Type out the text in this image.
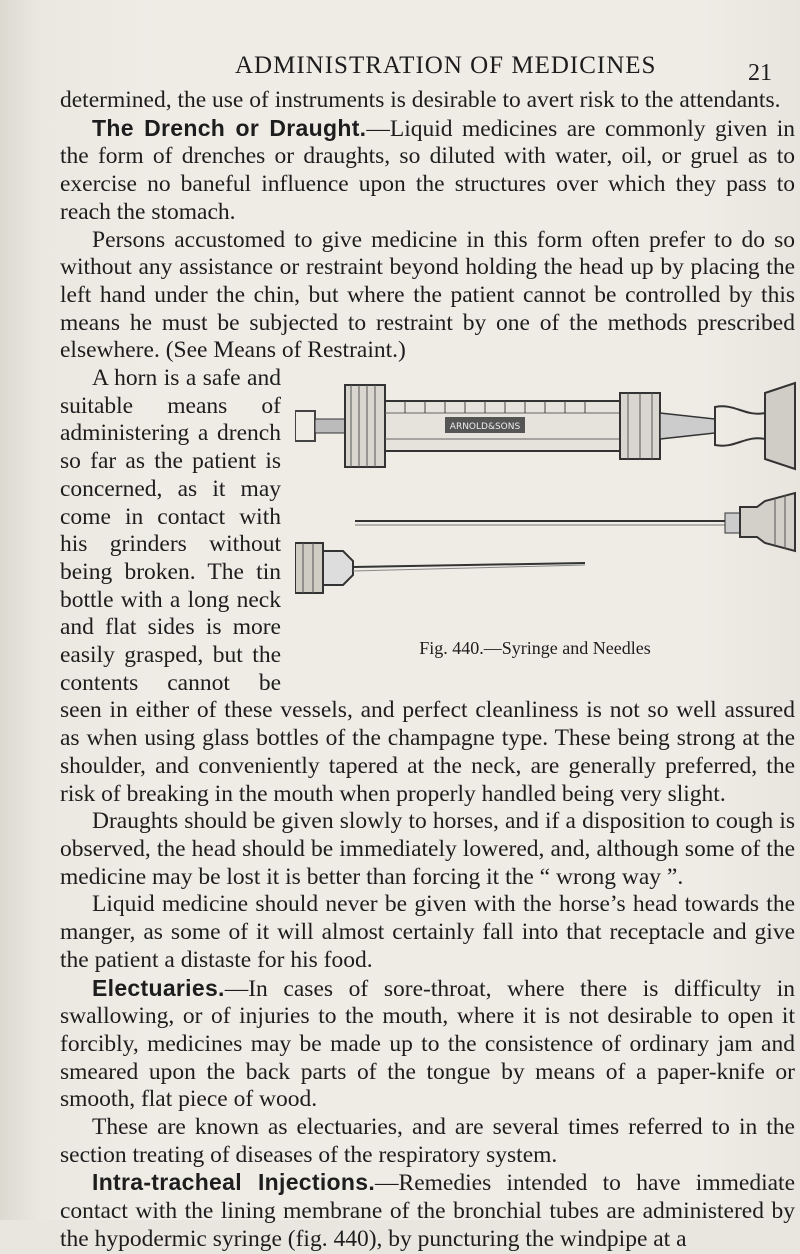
ADMINISTRATION OF MEDICINES	21

determined, the use of instruments is desirable to avert risk to the attendants.

The Drench or Draught.—Liquid medicines are commonly given in the form of drenches or draughts, so diluted with water, oil, or gruel as to exercise no baneful influence upon the structures over which they pass to reach the stomach.

Persons accustomed to give medicine in this form often prefer to do so without any assistance or restraint beyond holding the head up by placing the left hand under the chin, but where the patient cannot be controlled by this means he must be subjected to restraint by one of the methods prescribed elsewhere. (See Means of Restraint.)

ARNOLD&SONS
Fig. 440.—Syringe and Needles

A horn is a safe and suitable means of administering a drench so far as the patient is concerned, as it may come in contact with his grinders without being broken. The tin bottle with a long neck and flat sides is more easily grasped, but the contents cannot be seen in either of these vessels, and perfect cleanliness is not so well assured as when using glass bottles of the champagne type. These being strong at the shoulder, and conveniently tapered at the neck, are generally preferred, the risk of breaking in the mouth when properly handled being very slight.

Draughts should be given slowly to horses, and if a disposition to cough is observed, the head should be immediately lowered, and, although some of the medicine may be lost it is better than forcing it the “ wrong way ”.

Liquid medicine should never be given with the horse’s head towards the manger, as some of it will almost certainly fall into that receptacle and give the patient a distaste for his food.

Electuaries.—In cases of sore-throat, where there is difficulty in swallowing, or of injuries to the mouth, where it is not desirable to open it forcibly, medicines may be made up to the consistence of ordinary jam and smeared upon the back parts of the tongue by means of a paper-knife or smooth, flat piece of wood.

These are known as electuaries, and are several times referred to in the section treating of diseases of the respiratory system.

Intra-tracheal Injections.—Remedies intended to have immediate contact with the lining membrane of the bronchial tubes are administered by the hypodermic syringe (fig. 440), by puncturing the windpipe at a
